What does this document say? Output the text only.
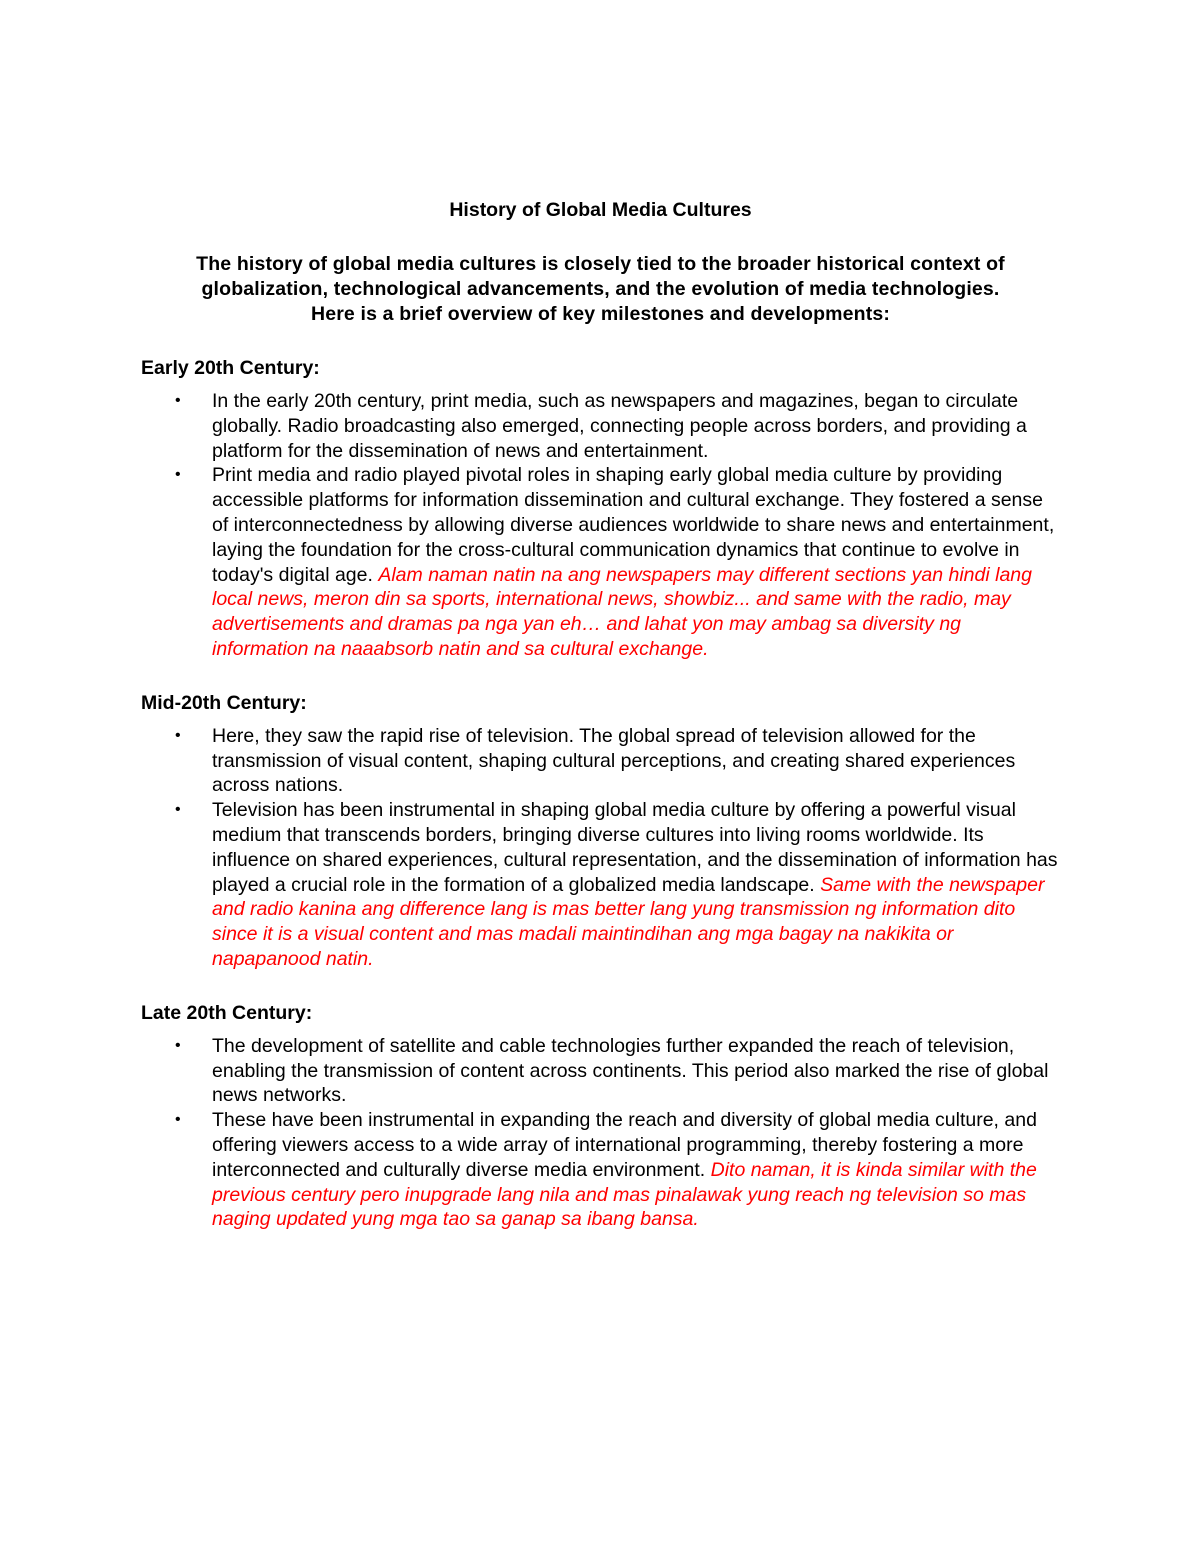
History of Global Media Cultures

The history of global media cultures is closely tied to the broader historical context of
globalization, technological advancements, and the evolution of media technologies.
Here is a brief overview of key milestones and developments:

Early 20th Century:
• In the early 20th century, print media, such as newspapers and magazines, began to circulate globally. Radio broadcasting also emerged, connecting people across borders, and providing a platform for the dissemination of news and entertainment.
• Print media and radio played pivotal roles in shaping early global media culture by providing accessible platforms for information dissemination and cultural exchange. They fostered a sense of interconnectedness by allowing diverse audiences worldwide to share news and entertainment, laying the foundation for the cross-cultural communication dynamics that continue to evolve in today's digital age. Alam naman natin na ang newspapers may different sections yan hindi lang local news, meron din sa sports, international news, showbiz... and same with the radio, may advertisements and dramas pa nga yan eh… and lahat yon may ambag sa diversity ng information na naaabsorb natin and sa cultural exchange.
Mid-20th Century:
• Here, they saw the rapid rise of television. The global spread of television allowed for the transmission of visual content, shaping cultural perceptions, and creating shared experiences across nations.
• Television has been instrumental in shaping global media culture by offering a powerful visual medium that transcends borders, bringing diverse cultures into living rooms worldwide. Its influence on shared experiences, cultural representation, and the dissemination of information has played a crucial role in the formation of a globalized media landscape. Same with the newspaper and radio kanina ang difference lang is mas better lang yung transmission ng information dito since it is a visual content and mas madali maintindihan ang mga bagay na nakikita or napapanood natin.
Late 20th Century:
• The development of satellite and cable technologies further expanded the reach of television, enabling the transmission of content across continents. This period also marked the rise of global news networks.
• These have been instrumental in expanding the reach and diversity of global media culture, and offering viewers access to a wide array of international programming, thereby fostering a more interconnected and culturally diverse media environment. Dito naman, it is kinda similar with the previous century pero inupgrade lang nila and mas pinalawak yung reach ng television so mas naging updated yung mga tao sa ganap sa ibang bansa.
